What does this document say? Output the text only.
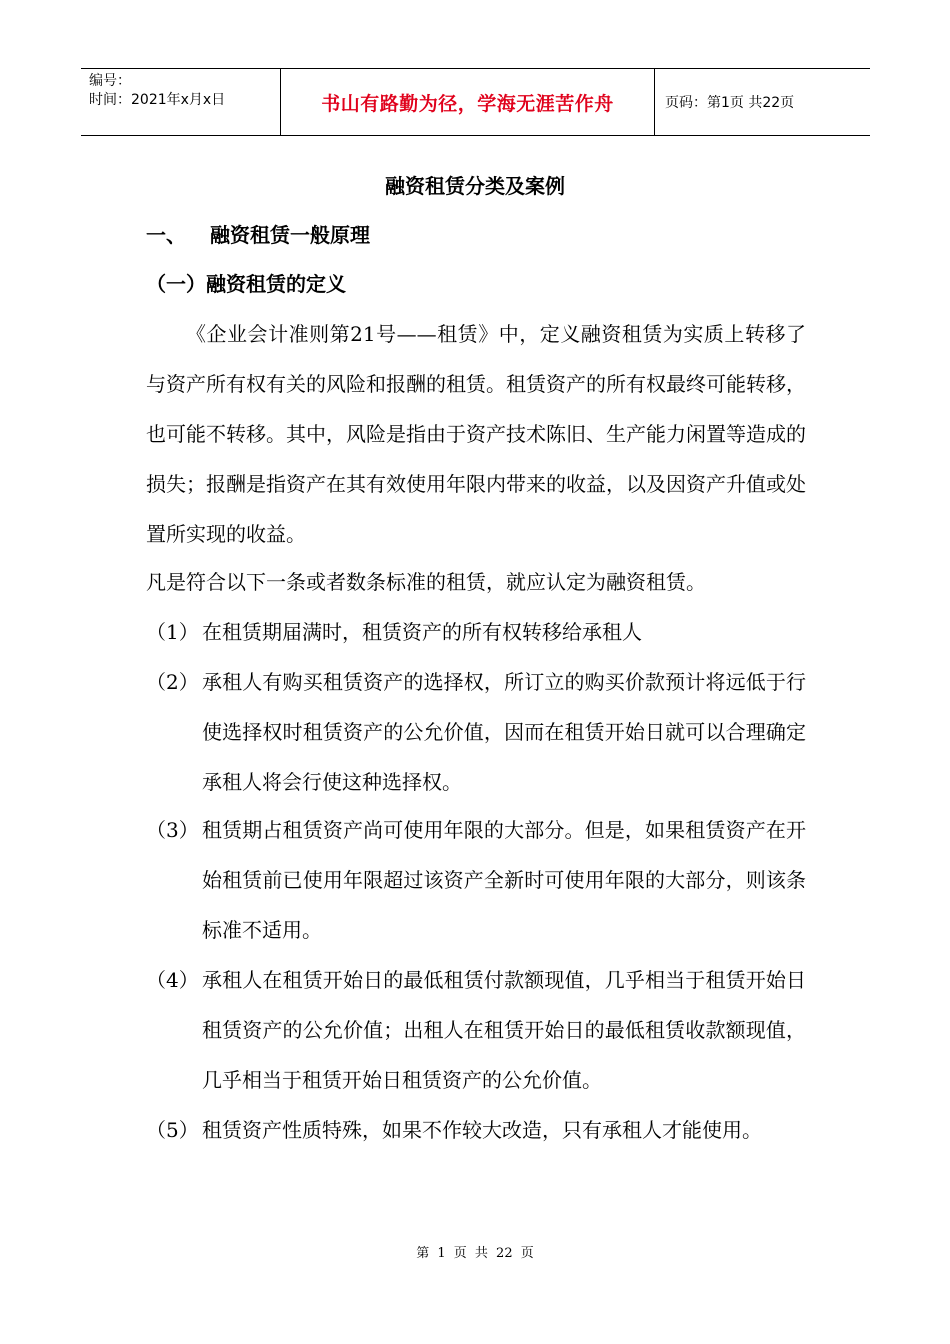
编号：
时间：2021年x月x日	书山有路勤为径，学海无涯苦作舟	页码：第1页 共22页
融资租赁分类及案例
一、 融资租赁一般原理
（一）融资租赁的定义
《企业会计准则第21号——租赁》中，定义融资租赁为实质上转移了与资产所有权有关的风险和报酬的租赁。租赁资产的所有权最终可能转移，也可能不转移。其中，风险是指由于资产技术陈旧、生产能力闲置等造成的损失；报酬是指资产在其有效使用年限内带来的收益，以及因资产升值或处置所实现的收益。
凡是符合以下一条或者数条标准的租赁，就应认定为融资租赁。
（1） 在租赁期届满时，租赁资产的所有权转移给承租人
（2） 承租人有购买租赁资产的选择权，所订立的购买价款预计将远低于行使选择权时租赁资产的公允价值，因而在租赁开始日就可以合理确定承租人将会行使这种选择权。
（3） 租赁期占租赁资产尚可使用年限的大部分。但是，如果租赁资产在开始租赁前已使用年限超过该资产全新时可使用年限的大部分，则该条标准不适用。
（4） 承租人在租赁开始日的最低租赁付款额现值，几乎相当于租赁开始日租赁资产的公允价值；出租人在租赁开始日的最低租赁收款额现值，几乎相当于租赁开始日租赁资产的公允价值。
（5） 租赁资产性质特殊，如果不作较大改造，只有承租人才能使用。
第 1 页 共 22 页
